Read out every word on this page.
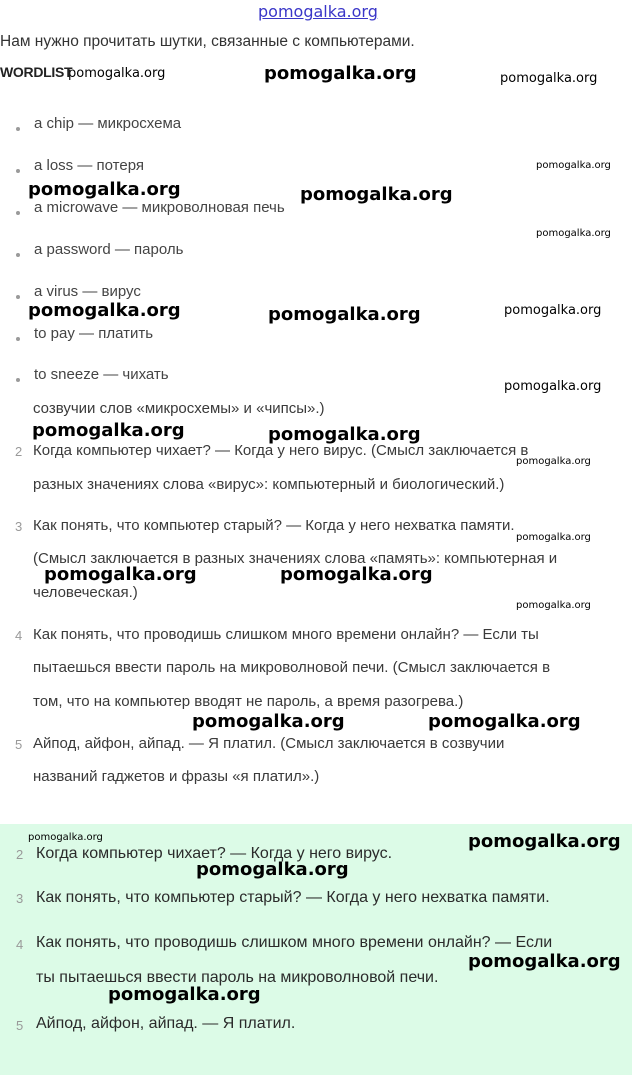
pomogalka.org
Нам нужно прочитать шутки, связанные с компьютерами.
WORDLIST
a chip — микросхема
a loss — потеря
a microwave — микроволновая печь
a password — пароль
a virus — вирус
to pay — платить
to sneeze — чихать
созвучии слов «микросхемы» и «чипсы».)
2 Когда компьютер чихает? — Когда у него вирус. (Смысл заключается в
разных значениях слова «вирус»: компьютерный и биологический.)
3 Как понять, что компьютер старый? — Когда у него нехватка памяти.
(Смысл заключается в разных значениях слова «память»: компьютерная и
человеческая.)
4 Как понять, что проводишь слишком много времени онлайн? — Если ты
пытаешься ввести пароль на микроволновой печи. (Смысл заключается в
том, что на компьютер вводят не пароль, а время разогрева.)
5 Айпод, айфон, айпад. — Я платил. (Смысл заключается в созвучии
названий гаджетов и фразы «я платил».)
2 Когда компьютер чихает? — Когда у него вирус.
3 Как понять, что компьютер старый? — Когда у него нехватка памяти.
4 Как понять, что проводишь слишком много времени онлайн? — Если
ты пытаешься ввести пароль на микроволновой печи.
5 Айпод, айфон, айпад. — Я платил.
pomogalka.org	pomogalka.org	pomogalka.org
pomogalka.org
pomogalka.org	pomogalka.org
pomogalka.org
pomogalka.org	pomogalka.org	pomogalka.org
pomogalka.org
pomogalka.org	pomogalka.org
pomogalka.org
pomogalka.org
pomogalka.org	pomogalka.org
pomogalka.org
pomogalka.org	pomogalka.org
pomogalka.org	pomogalka.org
pomogalka.org
pomogalka.org
pomogalka.org
